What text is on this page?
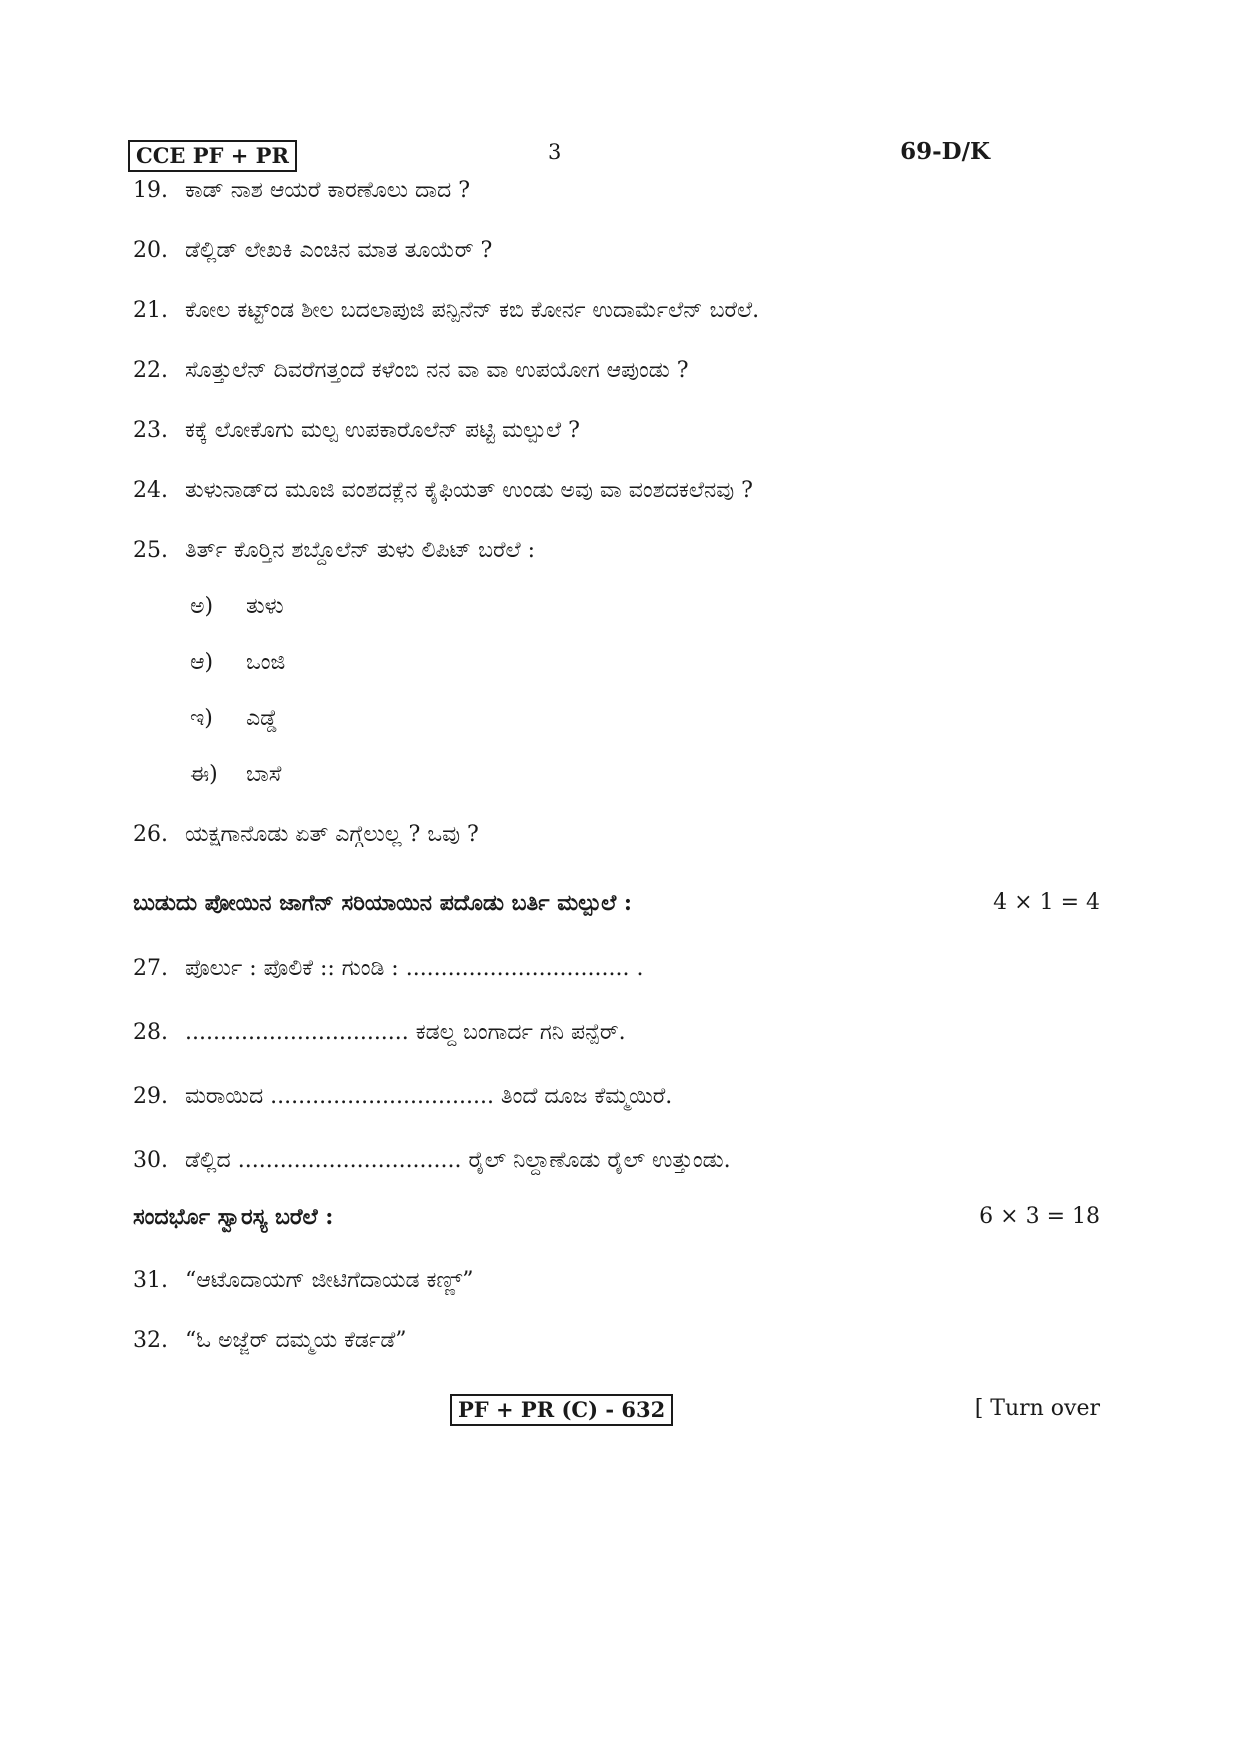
CCE PF + PR	3	69-D/K
19. ಕಾಡ್ ನಾಶ ಆಯರೆ ಕಾರಣೊಲು ದಾದ ?
20. ಡೆಲ್ಲಿಡ್ ಲೇಖಕಿ ಎಂಚಿನ ಮಾತ ತೂಯೆರ್ ?
21. ಕೋಲ ಕಟ್ಟ್‌ಂಡ ಶೀಲ ಬದಲಾಪುಜಿ ಪನ್ಪಿನೆನ್ ಕಬಿ ಕೋರ್ನ ಉದಾರ್ಮೆಲೆನ್ ಬರೆಲೆ.
22. ಸೊತ್ತುಲೆನ್ ದಿವರೆಗತ್ತಂದೆ ಕಳೆಂಬಿ ನನ ವಾ ವಾ ಉಪಯೋಗ ಆಪುಂಡು ?
23. ಕಕ್ಕೆ ಲೋಕೊಗು ಮಲ್ಪ ಉಪಕಾರೊಲೆನ್ ಪಟ್ಟಿ ಮಲ್ಪುಲೆ ?
24. ತುಳುನಾಡ್‌ದ ಮೂಜಿ ವಂಶದಕ್ಲೆನ ಕೈಫಿಯತ್ ಉಂಡು ಅವು ವಾ ವಂಶದಕಲೆನವು ?
25. ತಿರ್ತ್ ಕೊರ್‍ತಿನ ಶಬ್ದೊಲೆನ್ ತುಳು ಲಿಪಿಟ್ ಬರೆಲೆ :
ಅ) ತುಳು
ಆ) ಒಂಜಿ
ಇ) ಎಡ್ಡೆ
ಈ) ಬಾಸೆ
26. ಯಕ್ಷಗಾನೊಡು ಏತ್ ಎಗ್ಗೆಲುಲ್ಲ ? ಒವು ?
ಬುಡುದು ಪೋಯಿನ ಜಾಗೆನ್ ಸರಿಯಾಯಿನ ಪದೊಡು ಬರ್ತಿ ಮಲ್ಪುಲೆ :	4 × 1 = 4
27. ಪೊರ್ಲು : ಪೊಲಿಕೆ :: ಗುಂಡಿ : ................................ .
28. ................................ ಕಡಲ್ದ ಬಂಗಾರ್ದ ಗನಿ ಪನ್ಪೆರ್.
29. ಮರಾಯಿದ ................................ ತಿಂದೆ ದೂಜ ಕೆಮ್ಮಯಿರೆ.
30. ಡೆಲ್ಲಿದ ................................ ರೈಲ್ ನಿಲ್ದಾಣೊಡು ರೈಲ್ ಉತ್ತುಂಡು.
ಸಂದರ್ಭೊ ಸ್ವಾರಸ್ಯ ಬರೆಲೆ :	6 × 3 = 18
31. “ಆಟೊದಾಯಗ್ ಜೀಟಿಗೆದಾಯಡ ಕಣ್ಣ್”
32. “ಓ ಅಜ್ಜೆರ್ ದಮ್ಮಯ ಕೆರ್ಡಡೆ”
PF + PR (C) - 632	[ Turn over
